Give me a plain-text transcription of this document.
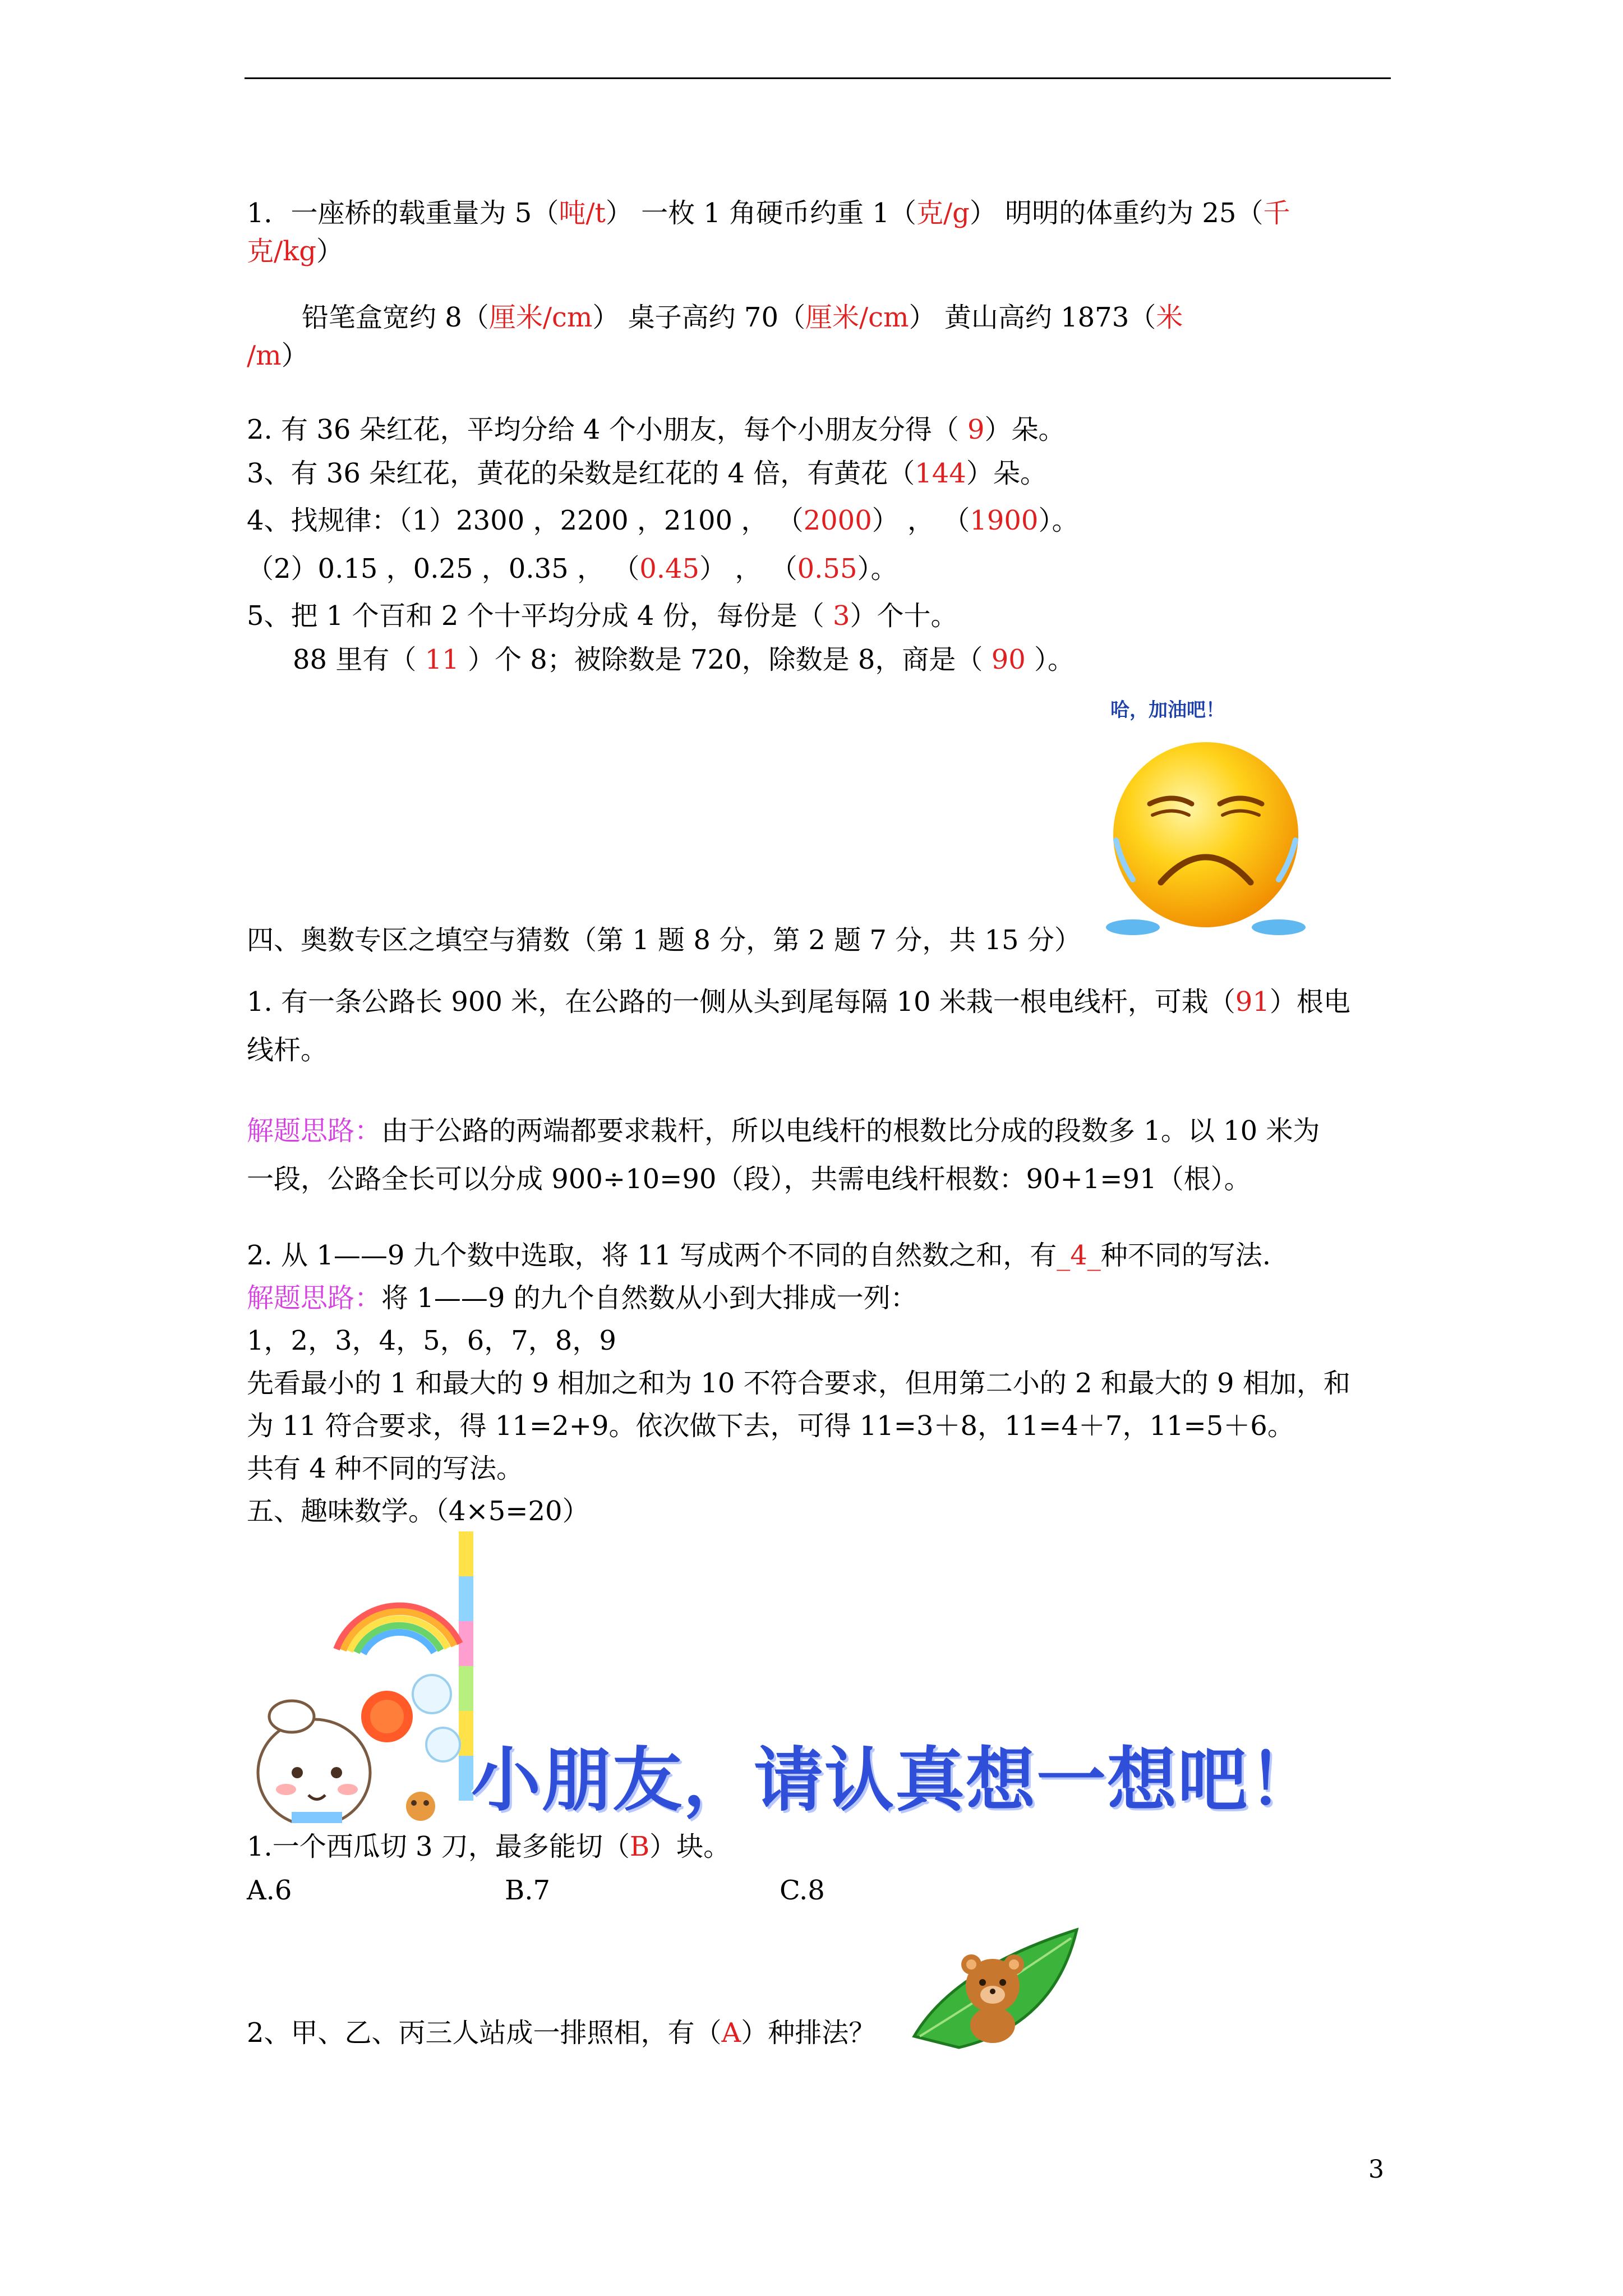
1．一座桥的载重量为 5（吨/t） 一枚 1 角硬币约重 1（克/g） 明明的体重约为 25（千
克/kg）
铅笔盒宽约 8（厘米/cm） 桌子高约 70（厘米/cm） 黄山高约 1873（米
/m）
2. 有 36 朵红花，平均分给 4 个小朋友，每个小朋友分得（ 9）朵。
3、有 36 朵红花，黄花的朵数是红花的 4 倍，有黄花（144）朵。
4、找规律：（1）2300 ，2200 ，2100 ， （2000） ， （1900）。
（2）0.15 ，0.25 ，0.35 ， （0.45） ， （0.55）。
5、把 1 个百和 2 个十平均分成 4 份，每份是（ 3）个十。
88 里有（ 11 ）个 8；被除数是 720，除数是 8，商是（ 90 ）。
哈，加油吧！
四、奥数专区之填空与猜数（第 1 题 8 分，第 2 题 7 分，共 15 分）
1. 有一条公路长 900 米，在公路的一侧从头到尾每隔 10 米栽一根电线杆，可栽（91）根电
线杆。
解题思路：由于公路的两端都要求栽杆，所以电线杆的根数比分成的段数多 1。以 10 米为
一段，公路全长可以分成 900÷10=90（段），共需电线杆根数：90+1=91（根）。
2. 从 1——9 九个数中选取，将 11 写成两个不同的自然数之和，有_4_种不同的写法.
解题思路：将 1——9 的九个自然数从小到大排成一列：
1，2，3，4，5，6，7，8，9
先看最小的 1 和最大的 9 相加之和为 10 不符合要求，但用第二小的 2 和最大的 9 相加，和
为 11 符合要求，得 11=2+9。依次做下去，可得 11=3＋8，11=4＋7，11=5＋6。
共有 4 种不同的写法。
五、趣味数学。（4×5=20）
小朋友，请认真想一想吧！
1.一个西瓜切 3 刀，最多能切（B）块。
A.6	B.7	C.8
2、甲、乙、丙三人站成一排照相，有（A）种排法？
3
